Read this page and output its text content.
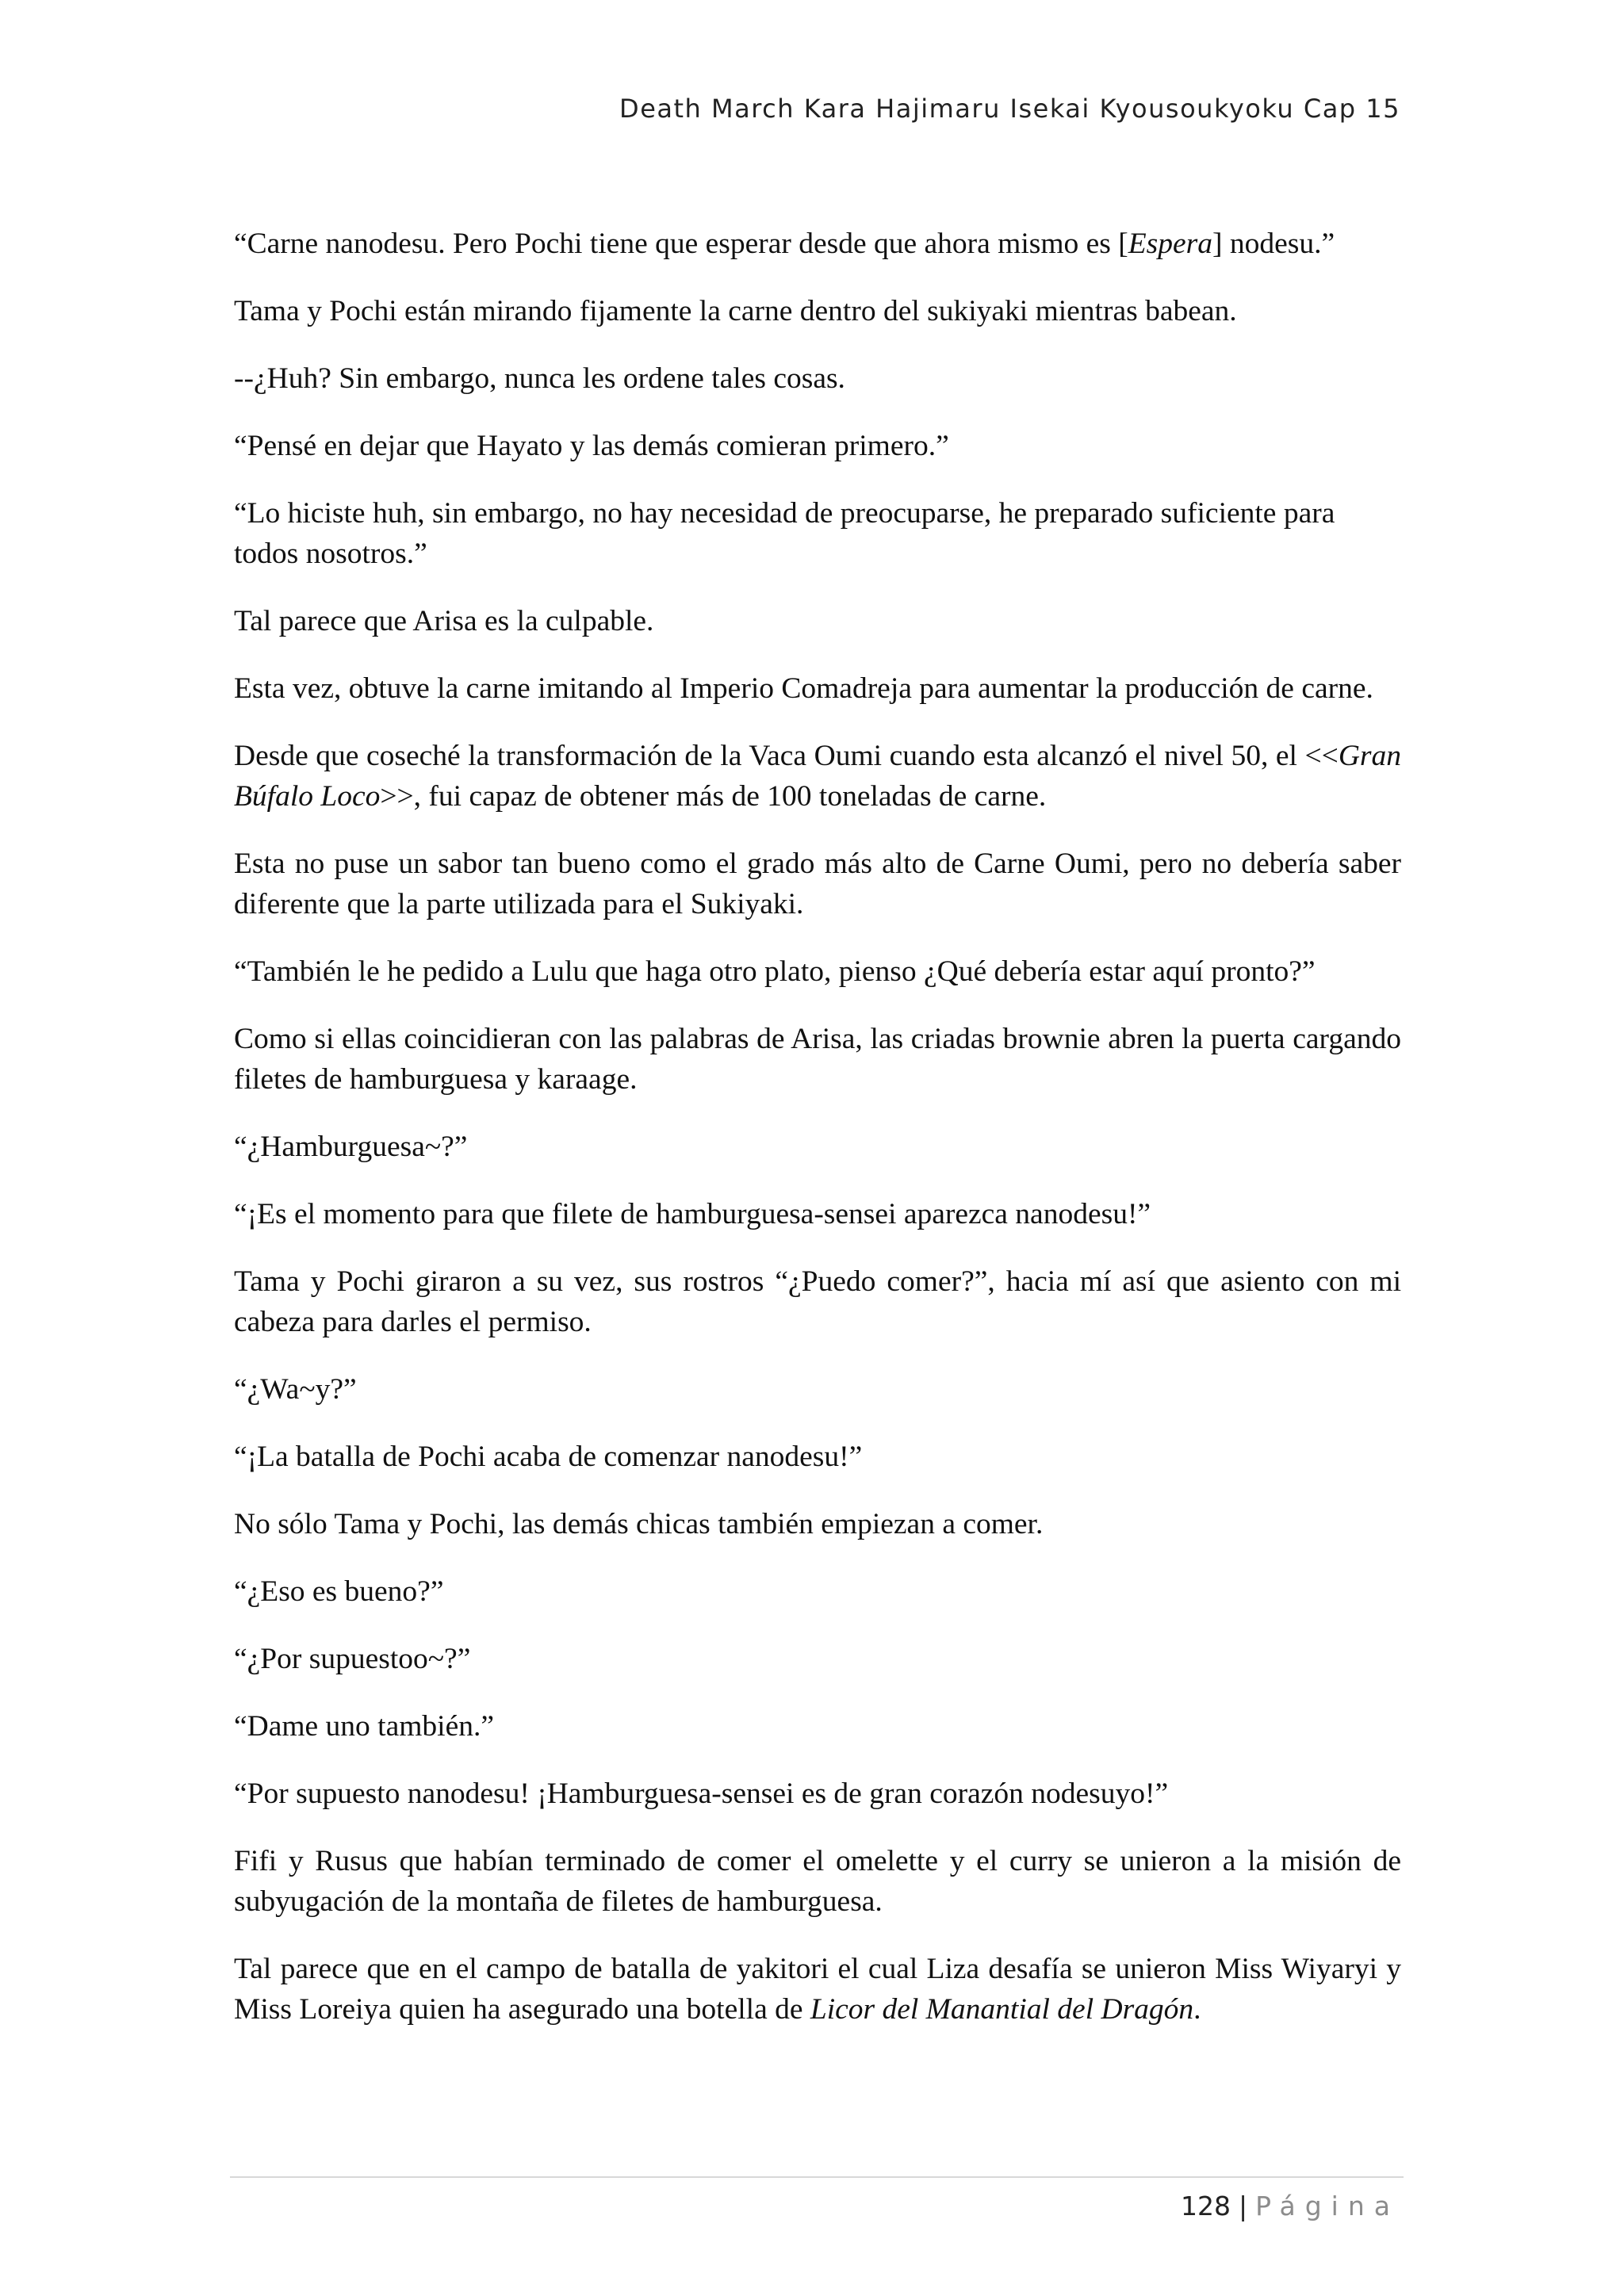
Death March Kara Hajimaru Isekai Kyousoukyoku Cap 15

“Carne nanodesu. Pero Pochi tiene que esperar desde que ahora mismo es [Espera] nodesu.”

Tama y Pochi están mirando fijamente la carne dentro del sukiyaki mientras babean.

--¿Huh? Sin embargo, nunca les ordene tales cosas.

“Pensé en dejar que Hayato y las demás comieran primero.”

“Lo hiciste huh, sin embargo, no hay necesidad de preocuparse, he preparado suficiente para todos nosotros.”

Tal parece que Arisa es la culpable.

Esta vez, obtuve la carne imitando al Imperio Comadreja para aumentar la producción de carne.

Desde que coseché la transformación de la Vaca Oumi cuando esta alcanzó el nivel 50, el <<Gran Búfalo Loco>>, fui capaz de obtener más de 100 toneladas de carne.

Esta no puse un sabor tan bueno como el grado más alto de Carne Oumi, pero no debería saber diferente que la parte utilizada para el Sukiyaki.

“También le he pedido a Lulu que haga otro plato, pienso ¿Qué debería estar aquí pronto?”

Como si ellas coincidieran con las palabras de Arisa, las criadas brownie abren la puerta cargando filetes de hamburguesa y karaage.

“¿Hamburguesa~?”

“¡Es el momento para que filete de hamburguesa-sensei aparezca nanodesu!”

Tama y Pochi giraron a su vez, sus rostros “¿Puedo comer?”, hacia mí así que asiento con mi cabeza para darles el permiso.

“¿Wa~y?”

“¡La batalla de Pochi acaba de comenzar nanodesu!”

No sólo Tama y Pochi, las demás chicas también empiezan a comer.

“¿Eso es bueno?”

“¿Por supuestoo~?”

“Dame uno también.”

“Por supuesto nanodesu! ¡Hamburguesa-sensei es de gran corazón nodesuyo!”

Fifi y Rusus que habían terminado de comer el omelette y el curry se unieron a la misión de subyugación de la montaña de filetes de hamburguesa.

Tal parece que en el campo de batalla de yakitori el cual Liza desafía se unieron Miss Wiyaryi y Miss Loreiya quien ha asegurado una botella de Licor del Manantial del Dragón.

128 | Página
